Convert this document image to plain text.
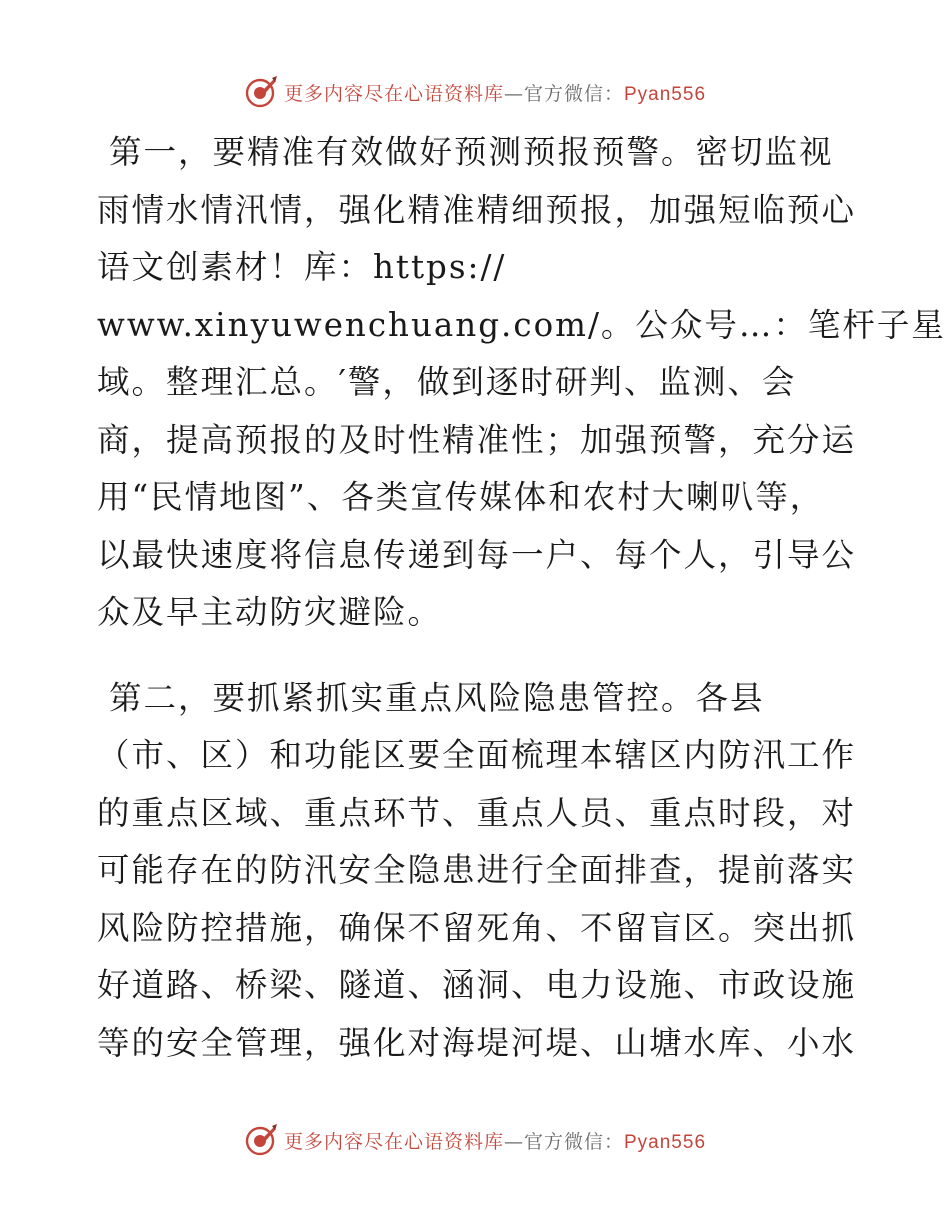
更多内容尽在心语资料库—官方微信：Pyan556
第一，要精准有效做好预测预报预警。密切监视
雨情水情汛情，强化精准精细预报，加强短临预心
语文创素材！库：https://
www.xinyuwenchuang.com/。公众号…：笔杆子星
域。整理汇总。′警，做到逐时研判、监测、会
商，提高预报的及时性精准性；加强预警，充分运
用“民情地图”、各类宣传媒体和农村大喇叭等，
以最快速度将信息传递到每一户、每个人，引导公
众及早主动防灾避险。
第二，要抓紧抓实重点风险隐患管控。各县
（市、区）和功能区要全面梳理本辖区内防汛工作
的重点区域、重点环节、重点人员、重点时段，对
可能存在的防汛安全隐患进行全面排查，提前落实
风险防控措施，确保不留死角、不留盲区。突出抓
好道路、桥梁、隧道、涵洞、电力设施、市政设施
等的安全管理，强化对海堤河堤、山塘水库、小水
更多内容尽在心语资料库—官方微信：Pyan556
